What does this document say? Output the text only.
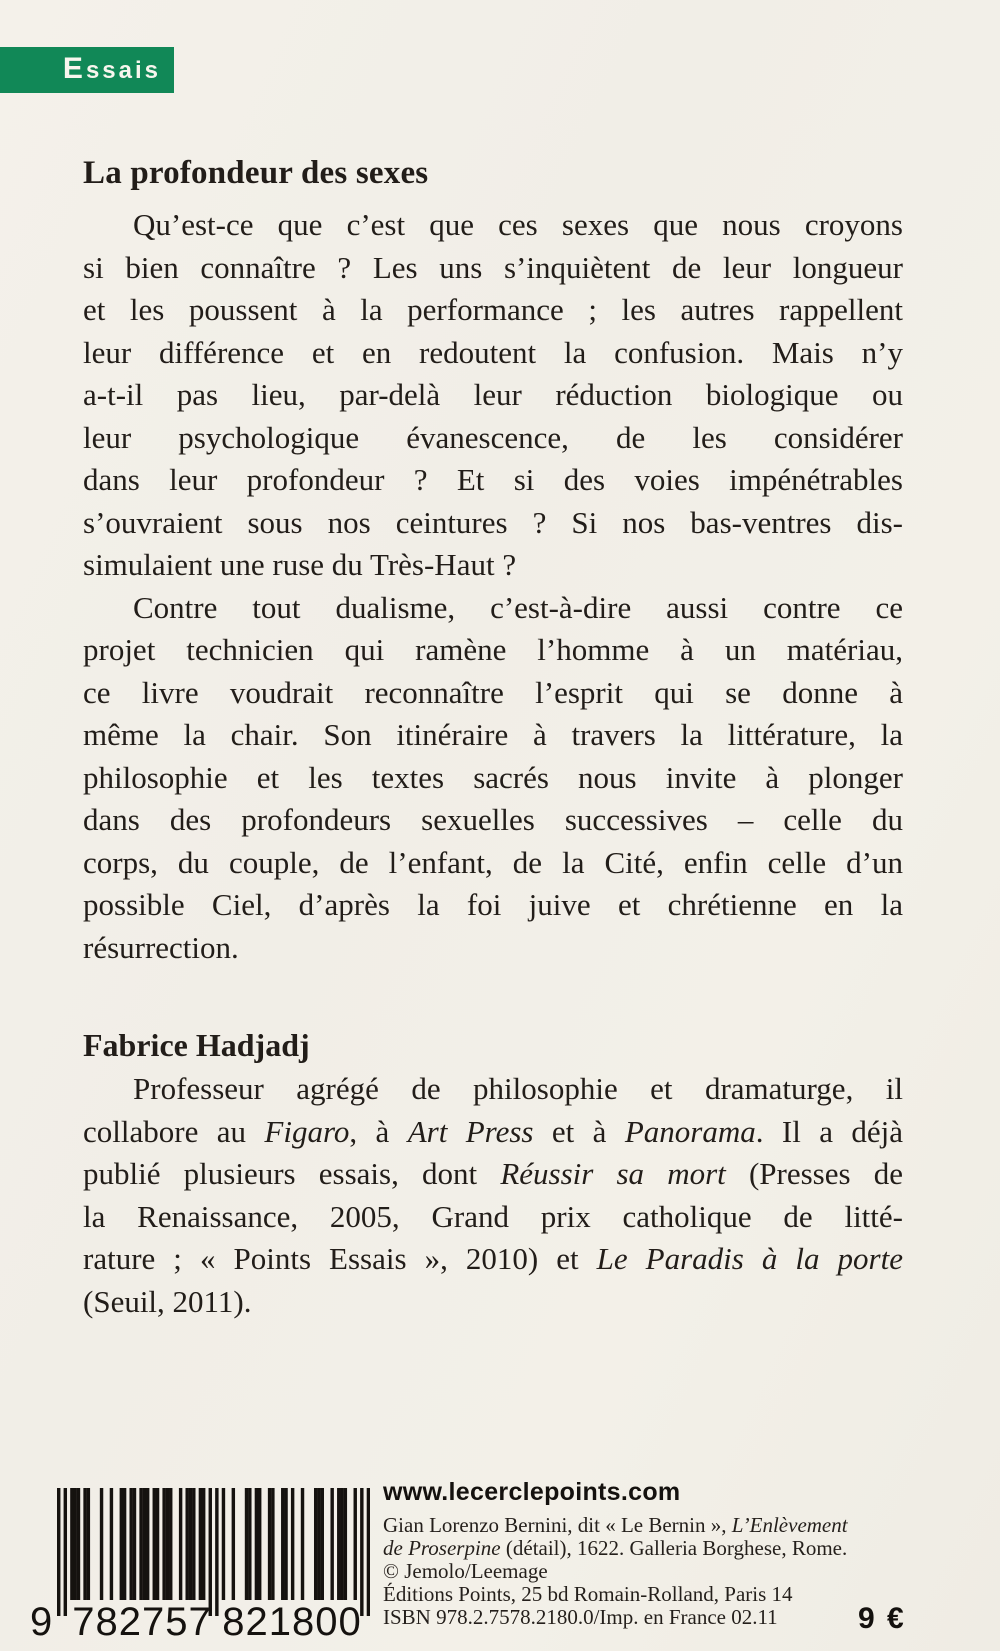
Essais
La profondeur des sexes
Qu’est-ce que c’est que ces sexes que nous croyons
si bien connaître ? Les uns s’inquiètent de leur longueur
et les poussent à la performance ; les autres rappellent
leur différence et en redoutent la confusion. Mais n’y
a-t-il pas lieu, par-delà leur réduction biologique ou
leur psychologique évanescence, de les considérer
dans leur profondeur ? Et si des voies impénétrables
s’ouvraient sous nos ceintures ? Si nos bas-ventres dis-
simulaient une ruse du Très-Haut ?
Contre tout dualisme, c’est-à-dire aussi contre ce
projet technicien qui ramène l’homme à un matériau,
ce livre voudrait reconnaître l’esprit qui se donne à
même la chair. Son itinéraire à travers la littérature, la
philosophie et les textes sacrés nous invite à plonger
dans des profondeurs sexuelles successives – celle du
corps, du couple, de l’enfant, de la Cité, enfin celle d’un
possible Ciel, d’après la foi juive et chrétienne en la
résurrection.
Fabrice Hadjadj
Professeur agrégé de philosophie et dramaturge, il
collabore au Figaro, à Art Press et à Panorama. Il a déjà
publié plusieurs essais, dont Réussir sa mort (Presses de
la Renaissance, 2005, Grand prix catholique de litté-
rature ; « Points Essais », 2010) et Le Paradis à la porte
(Seuil, 2011).
9 782757 821800
www.lecerclepoints.com
Gian Lorenzo Bernini, dit « Le Bernin », L’Enlèvement
de Proserpine (détail), 1622. Galleria Borghese, Rome.
© Jemolo/Leemage
Éditions Points, 25 bd Romain-Rolland, Paris 14
ISBN 978.2.7578.2180.0/Imp. en France 02.11	9 €
